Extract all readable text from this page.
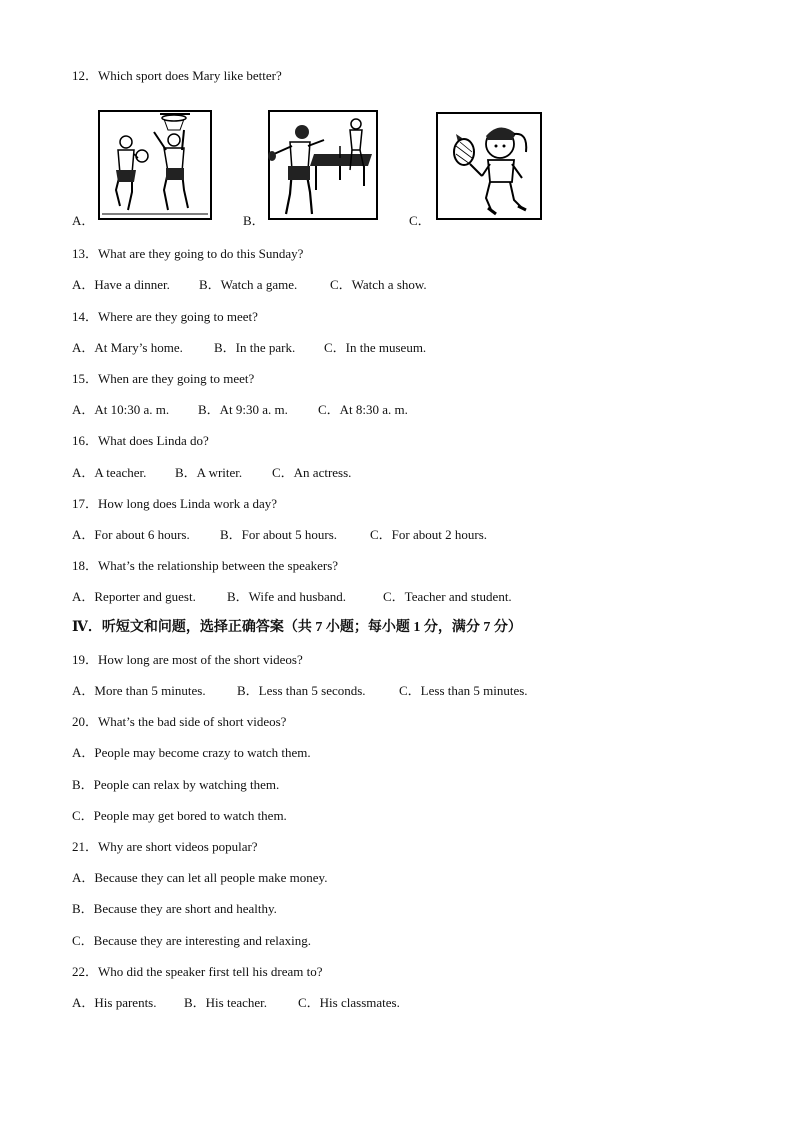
12．Which sport does Mary like better?
A．	B．	C．
13．What are they going to do this Sunday?
A．Have a dinner. B．Watch a game.	C．Watch a show.
14．Where are they going to meet?
A．At Mary’s home. B．In the park. C．In the museum.
15．When are they going to meet?
A．At 10:30 a. m. B．At 9:30 a. m. C．At 8:30 a. m.
16．What does Linda do?
A．A teacher. B．A writer. C．An actress.
17．How long does Linda work a day?
A．For about 6 hours. B．For about 5 hours.	C．For about 2 hours.
18．What’s the relationship between the speakers?
A．Reporter and guest. B．Wife and husband.	C．Teacher and student.
Ⅳ．听短文和问题，选择正确答案（共 7 小题；每小题 1 分，满分 7 分）
19．How long are most of the short videos?
A．More than 5 minutes. B．Less than 5 seconds.	C．Less than 5 minutes.
20．What’s the bad side of short videos?
A．People may become crazy to watch them.
B．People can relax by watching them.
C．People may get bored to watch them.
21．Why are short videos popular?
A．Because they can let all people make money.
B．Because they are short and healthy.
C．Because they are interesting and relaxing.
22．Who did the speaker first tell his dream to?
A．His parents. B．His teacher. C．His classmates.
